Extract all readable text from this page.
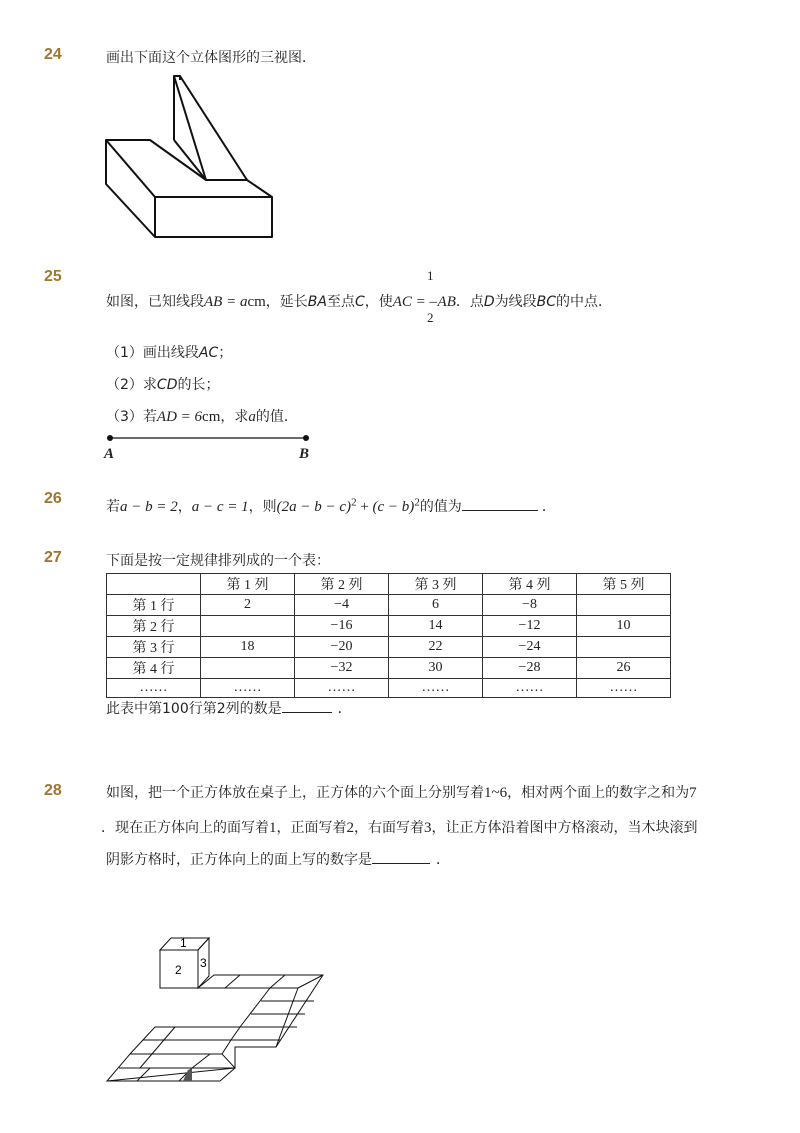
24	画出下面这个立体图形的三视图．
25
如图，已知线段AB = acm，延长BA至点C，使AC = –AB．点D为线段BC的中点．
1
2
（1）画出线段AC；
（2）求CD的长；
（3）若AD = 6cm，求a的值．
A	B
26	若a − b = 2，a − c = 1，则$(2a - b - c)^2 + (c - b)^2$的值为	．
27	下面是按一定规律排列成的一个表：
	第 1 列	第 2 列	第 3 列	第 4 列	第 5 列
第 1 行	2	−4	6	−8	
第 2 行		−16	14	−12	10
第 3 行	18	−20	22	−24	
第 4 行		−32	30	−28	26
……	……	……	……	……	……
此表中第100行第2列的数是	．
28	如图，把一个正方体放在桌子上，正方体的六个面上分别写着1~6，相对两个面上的数字之和为7
．现在正方体向上的面写着1，正面写着2，右面写着3，让正方体沿着图中方格滚动，当木块滚到
阴影方格时，正方体向上的面上写的数字是	．
1
2 3
